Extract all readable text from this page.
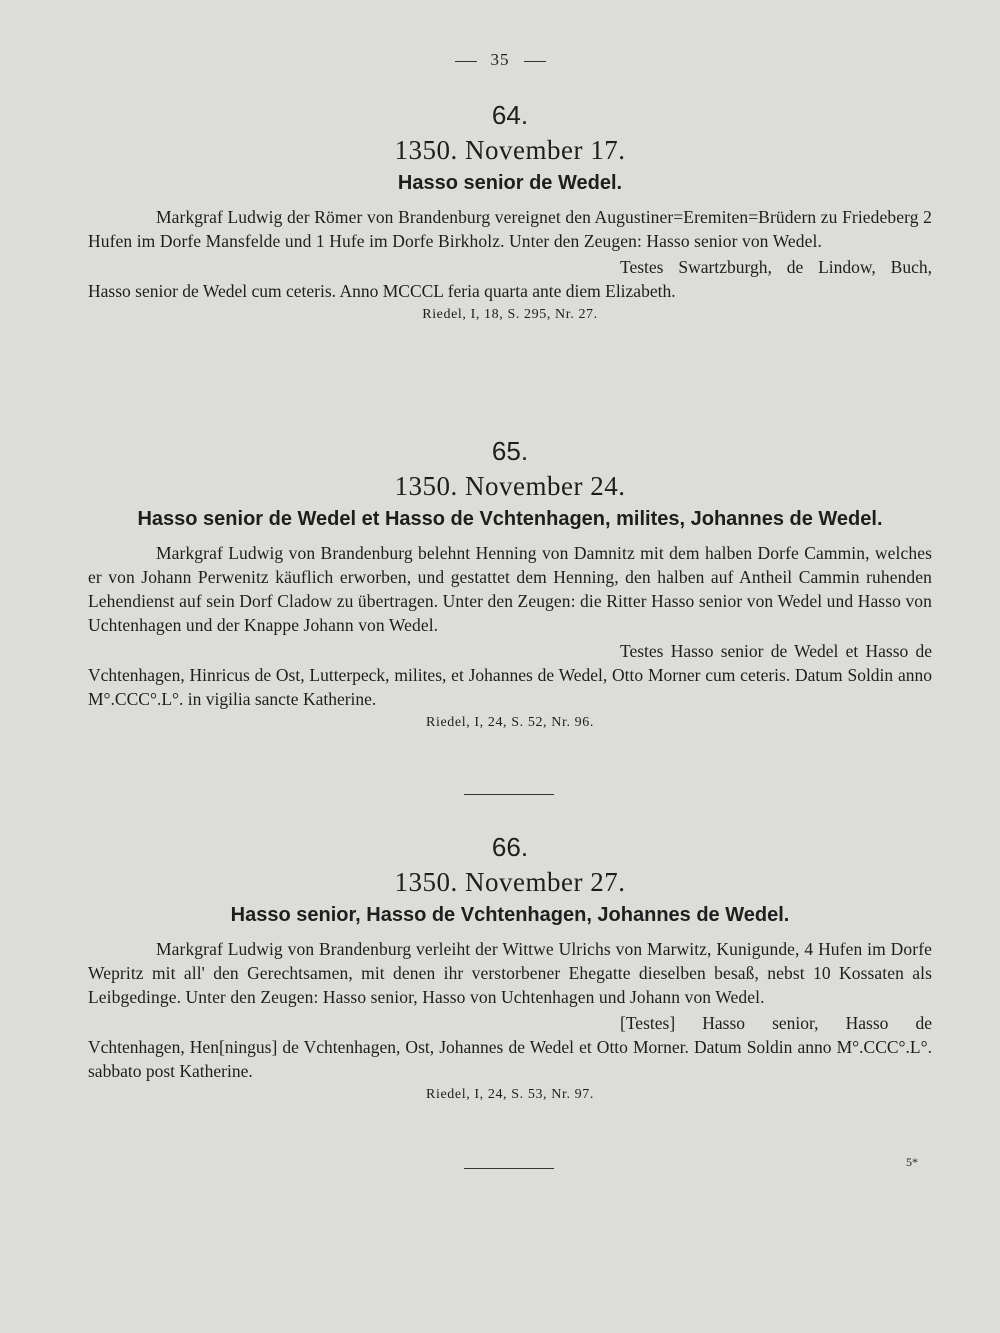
35
64.
1350. November 17.
Hasso senior de Wedel.
Markgraf Ludwig der Römer von Brandenburg vereignet den Augustiner=Eremiten=Brüdern zu Friedeberg 2 Hufen im Dorfe Mansfelde und 1 Hufe im Dorfe Birkholz. Unter den Zeugen: Hasso senior von Wedel.
Testes Swartzburgh, de Lindow, Buch, Hasso senior de Wedel cum ceteris. Anno MCCCL feria quarta ante diem Elizabeth.
Riedel, I, 18, S. 295, Nr. 27.
65.
1350. November 24.
Hasso senior de Wedel et Hasso de Vchtenhagen, milites, Johannes de Wedel.
Markgraf Ludwig von Brandenburg belehnt Henning von Damnitz mit dem halben Dorfe Cammin, welches er von Johann Perwenitz käuflich erworben, und gestattet dem Henning, den halben auf Antheil Cammin ruhenden Lehendienst auf sein Dorf Cladow zu übertragen. Unter den Zeugen: die Ritter Hasso senior von Wedel und Hasso von Uchtenhagen und der Knappe Johann von Wedel.
Testes Hasso senior de Wedel et Hasso de Vchtenhagen, Hinricus de Ost, Lutterpeck, milites, et Johannes de Wedel, Otto Morner cum ceteris. Datum Soldin anno M°.CCC°.L°. in vigilia sancte Katherine.
Riedel, I, 24, S. 52, Nr. 96.
66.
1350. November 27.
Hasso senior, Hasso de Vchtenhagen, Johannes de Wedel.
Markgraf Ludwig von Brandenburg verleiht der Wittwe Ulrichs von Marwitz, Kunigunde, 4 Hufen im Dorfe Wepritz mit all' den Gerechtsamen, mit denen ihr verstorbener Ehegatte dieselben besaß, nebst 10 Kossaten als Leibgedinge. Unter den Zeugen: Hasso senior, Hasso von Uchtenhagen und Johann von Wedel.
[Testes] Hasso senior, Hasso de Vchtenhagen, Hen[ningus] de Vchtenhagen, Ost, Johannes de Wedel et Otto Morner. Datum Soldin anno M°.CCC°.L°. sabbato post Katherine.
Riedel, I, 24, S. 53, Nr. 97.
5*
